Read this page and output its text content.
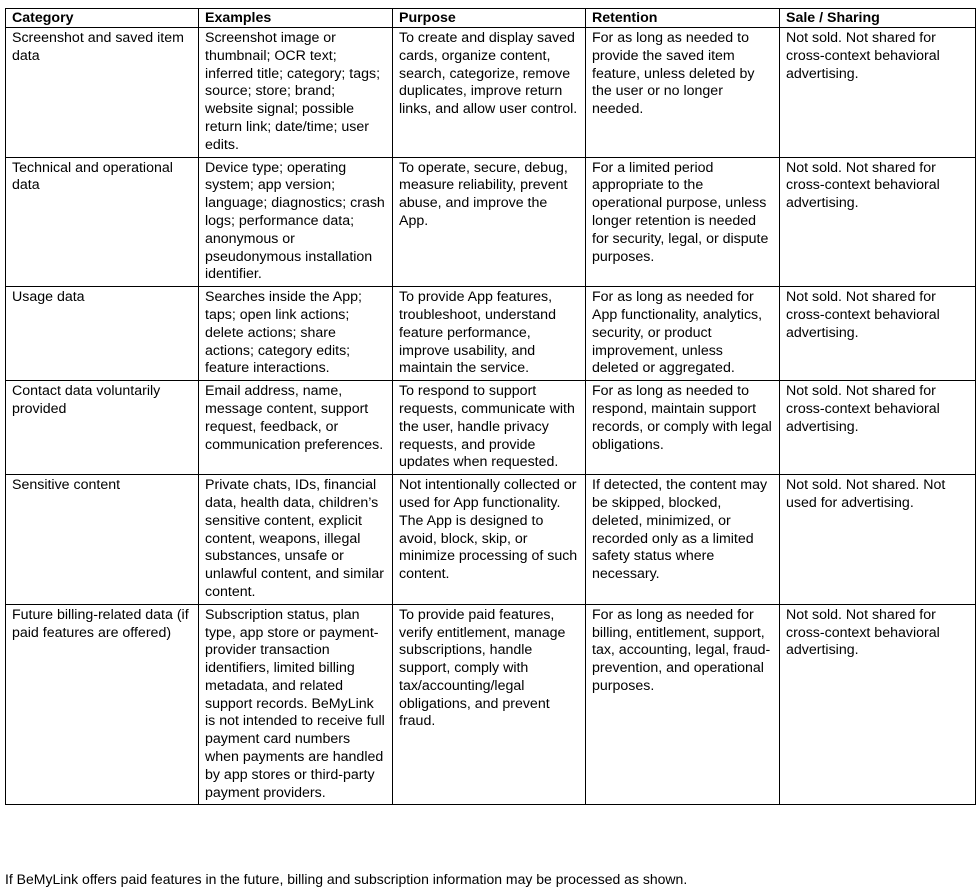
Category	Examples	Purpose	Retention	Sale / Sharing
Screenshot and saved item data	Screenshot image or thumbnail; OCR text; inferred title; category; tags; source; store; brand; website signal; possible return link; date/time; user edits.	To create and display saved cards, organize content, search, categorize, remove duplicates, improve return links, and allow user control.	For as long as needed to provide the saved item feature, unless deleted by the user or no longer needed.	Not sold. Not shared for cross-context behavioral advertising.
Technical and operational data	Device type; operating system; app version; language; diagnostics; crash logs; performance data; anonymous or pseudonymous installation identifier.	To operate, secure, debug, measure reliability, prevent abuse, and improve the App.	For a limited period appropriate to the operational purpose, unless longer retention is needed for security, legal, or dispute purposes.	Not sold. Not shared for cross-context behavioral advertising.
Usage data	Searches inside the App; taps; open link actions; delete actions; share actions; category edits; feature interactions.	To provide App features, troubleshoot, understand feature performance, improve usability, and maintain the service.	For as long as needed for App functionality, analytics, security, or product improvement, unless deleted or aggregated.	Not sold. Not shared for cross-context behavioral advertising.
Contact data voluntarily provided	Email address, name, message content, support request, feedback, or communication preferences.	To respond to support requests, communicate with the user, handle privacy requests, and provide updates when requested.	For as long as needed to respond, maintain support records, or comply with legal obligations.	Not sold. Not shared for cross-context behavioral advertising.
Sensitive content	Private chats, IDs, financial data, health data, children’s sensitive content, explicit content, weapons, illegal substances, unsafe or unlawful content, and similar content.	Not intentionally collected or used for App functionality. The App is designed to avoid, block, skip, or minimize processing of such content.	If detected, the content may be skipped, blocked, deleted, minimized, or recorded only as a limited safety status where necessary.	Not sold. Not shared. Not used for advertising.
Future billing-related data (if paid features are offered)	Subscription status, plan type, app store or payment-provider transaction identifiers, limited billing metadata, and related support records. BeMyLink is not intended to receive full payment card numbers when payments are handled by app stores or third-party payment providers.	To provide paid features, verify entitlement, manage subscriptions, handle support, comply with tax/accounting/legal obligations, and prevent fraud.	For as long as needed for billing, entitlement, support, tax, accounting, legal, fraud-prevention, and operational purposes.	Not sold. Not shared for cross-context behavioral advertising.
If BeMyLink offers paid features in the future, billing and subscription information may be processed as shown.
